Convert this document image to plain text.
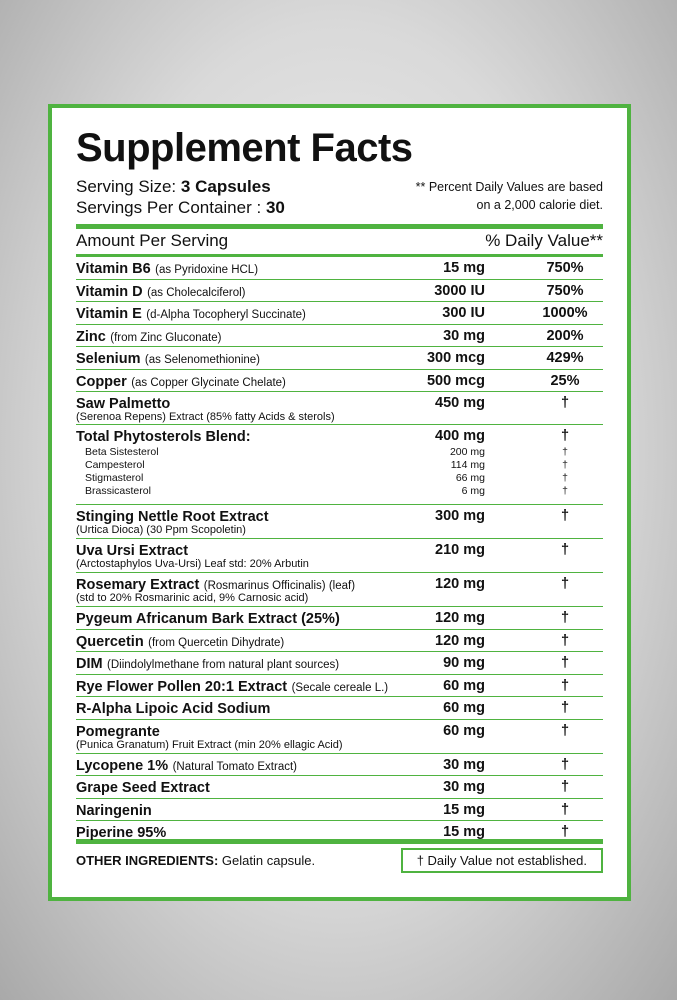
Supplement Facts
Serving Size: 3 Capsules
Servings Per Container : 30
** Percent Daily Values are based
on a 2,000 calorie diet.
Amount Per Serving	% Daily Value**
Vitamin B6 (as Pyridoxine HCL)	15 mg	750%
Vitamin D (as Cholecalciferol)	3000 IU	750%
Vitamin E (d-Alpha Tocopheryl Succinate)	300 IU	1000%
Zinc (from Zinc Gluconate)	30 mg	200%
Selenium (as Selenomethionine)	300 mcg	429%
Copper (as Copper Glycinate Chelate)	500 mcg	25%
Saw Palmetto
(Serenoa Repens) Extract (85% fatty Acids & sterols)
450 mg	†
Total Phytosterols Blend:	400 mg	†
Beta Sistesterol	200 mg	†
Campesterol	114 mg	†
Stigmasterol	66 mg	†
Brassicasterol	6 mg	†
Stinging Nettle Root Extract
(Urtica Dioca) (30 Ppm Scopoletin)
300 mg	†
Uva Ursi Extract
(Arctostaphylos Uva-Ursi) Leaf std: 20% Arbutin
210 mg	†
Rosemary Extract (Rosmarinus Officinalis) (leaf)
(std to 20% Rosmarinic acid, 9% Carnosic acid)
120 mg	†
Pygeum Africanum Bark Extract (25%)	120 mg	†
Quercetin (from Quercetin Dihydrate)	120 mg	†
DIM (Diindolylmethane from natural plant sources)	90 mg	†
Rye Flower Pollen 20:1 Extract (Secale cereale L.)	60 mg	†
R-Alpha Lipoic Acid Sodium	60 mg	†
Pomegrante
(Punica Granatum) Fruit Extract (min 20% ellagic Acid)
60 mg	†
Lycopene 1% (Natural Tomato Extract)	30 mg	†
Grape Seed Extract	30 mg	†
Naringenin	15 mg	†
Piperine 95%	15 mg	†
OTHER INGREDIENTS: Gelatin capsule.	† Daily Value not established.
